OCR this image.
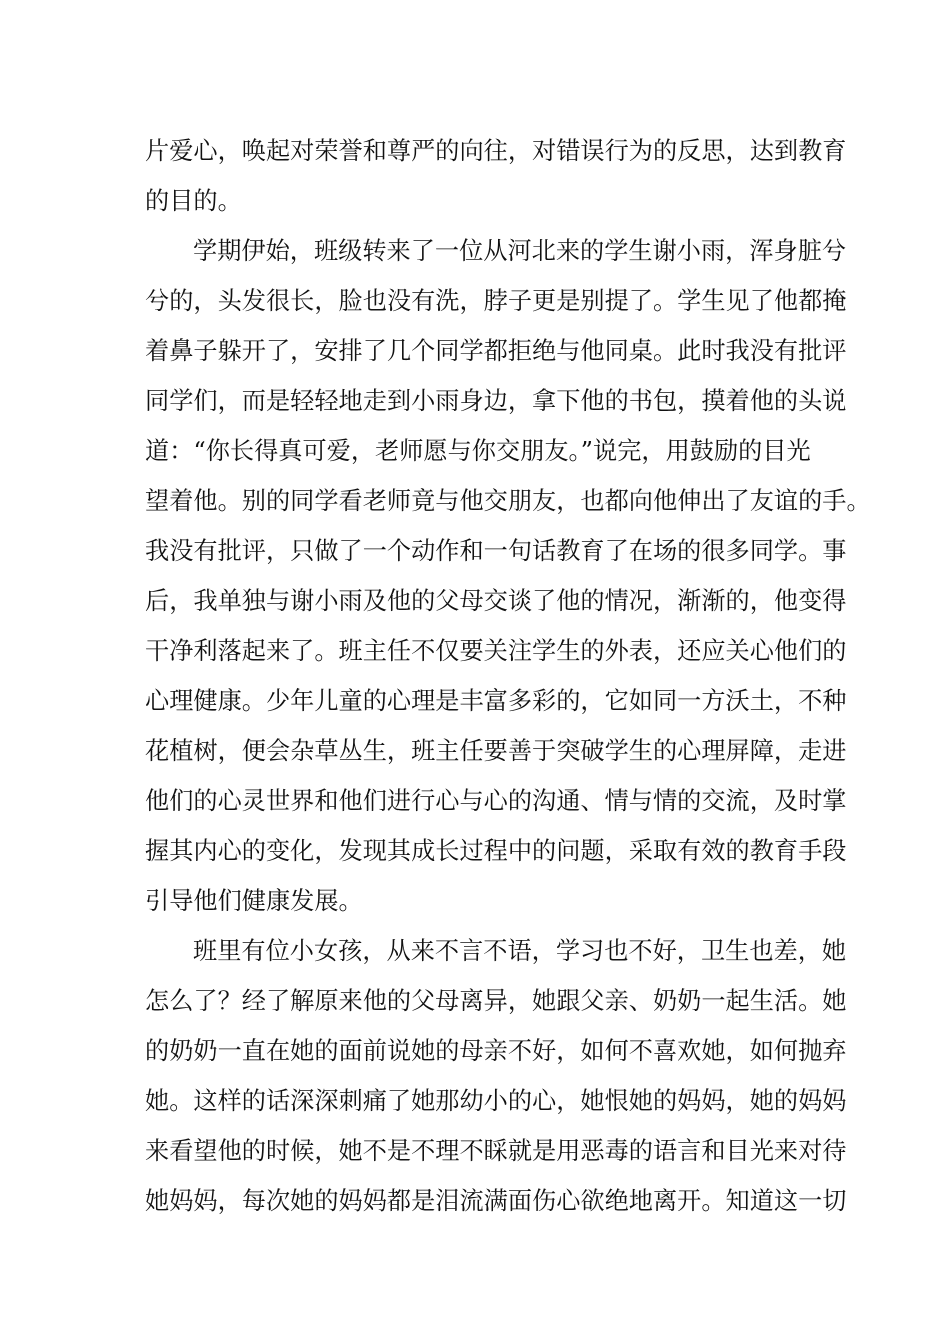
片爱心，唤起对荣誉和尊严的向往，对错误行为的反思，达到教育
的目的。
学期伊始，班级转来了一位从河北来的学生谢小雨，浑身脏兮
兮的，头发很长，脸也没有洗，脖子更是别提了。学生见了他都掩
着鼻子躲开了，安排了几个同学都拒绝与他同桌。此时我没有批评
同学们，而是轻轻地走到小雨身边，拿下他的书包，摸着他的头说
道：“你长得真可爱，老师愿与你交朋友。”说完，用鼓励的目光
望着他。别的同学看老师竟与他交朋友，也都向他伸出了友谊的手。
我没有批评，只做了一个动作和一句话教育了在场的很多同学。事
后，我单独与谢小雨及他的父母交谈了他的情况，渐渐的，他变得
干净利落起来了。班主任不仅要关注学生的外表，还应关心他们的
心理健康。少年儿童的心理是丰富多彩的，它如同一方沃土，不种
花植树，便会杂草丛生，班主任要善于突破学生的心理屏障，走进
他们的心灵世界和他们进行心与心的沟通、情与情的交流，及时掌
握其内心的变化，发现其成长过程中的问题，采取有效的教育手段
引导他们健康发展。
班里有位小女孩，从来不言不语，学习也不好，卫生也差，她
怎么了？经了解原来他的父母离异，她跟父亲、奶奶一起生活。她
的奶奶一直在她的面前说她的母亲不好，如何不喜欢她，如何抛弃
她。这样的话深深刺痛了她那幼小的心，她恨她的妈妈，她的妈妈
来看望他的时候，她不是不理不睬就是用恶毒的语言和目光来对待
她妈妈，每次她的妈妈都是泪流满面伤心欲绝地离开。知道这一切
